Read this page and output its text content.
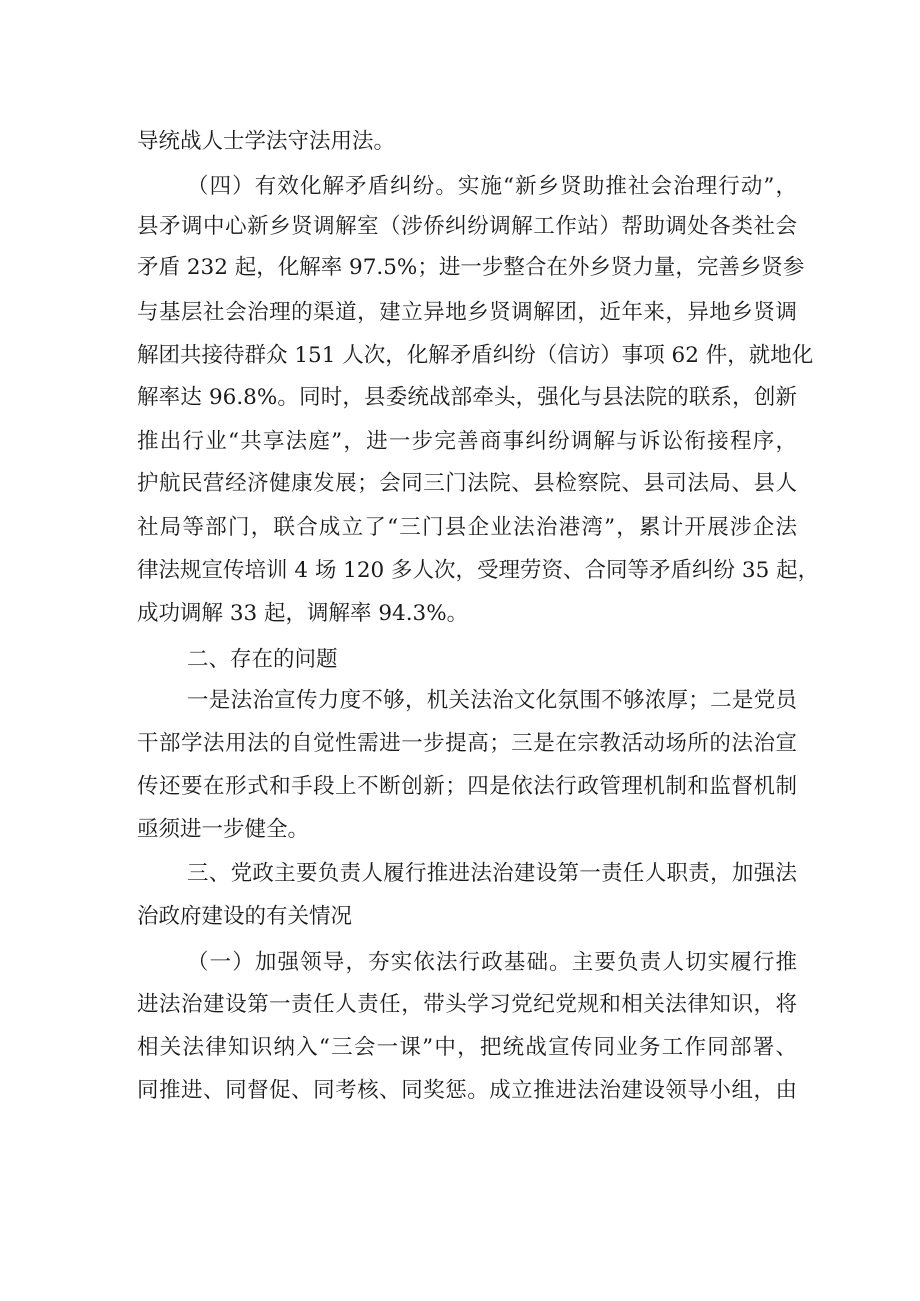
导统战人士学法守法用法。
（四）有效化解矛盾纠纷。实施“新乡贤助推社会治理行动”，
县矛调中心新乡贤调解室（涉侨纠纷调解工作站）帮助调处各类社会
矛盾 232 起，化解率 97.5%；进一步整合在外乡贤力量，完善乡贤参
与基层社会治理的渠道，建立异地乡贤调解团，近年来，异地乡贤调
解团共接待群众 151 人次，化解矛盾纠纷（信访）事项 62 件，就地化
解率达 96.8%。同时，县委统战部牵头，强化与县法院的联系，创新
推出行业“共享法庭”，进一步完善商事纠纷调解与诉讼衔接程序，
护航民营经济健康发展；会同三门法院、县检察院、县司法局、县人
社局等部门，联合成立了“三门县企业法治港湾”，累计开展涉企法
律法规宣传培训 4 场 120 多人次，受理劳资、合同等矛盾纠纷 35 起，
成功调解 33 起，调解率 94.3%。
二、存在的问题
一是法治宣传力度不够，机关法治文化氛围不够浓厚；二是党员
干部学法用法的自觉性需进一步提高；三是在宗教活动场所的法治宣
传还要在形式和手段上不断创新；四是依法行政管理机制和监督机制
亟须进一步健全。
三、党政主要负责人履行推进法治建设第一责任人职责，加强法
治政府建设的有关情况
（一）加强领导，夯实依法行政基础。主要负责人切实履行推
进法治建设第一责任人责任，带头学习党纪党规和相关法律知识，将
相关法律知识纳入“三会一课”中，把统战宣传同业务工作同部署、
同推进、同督促、同考核、同奖惩。成立推进法治建设领导小组，由
